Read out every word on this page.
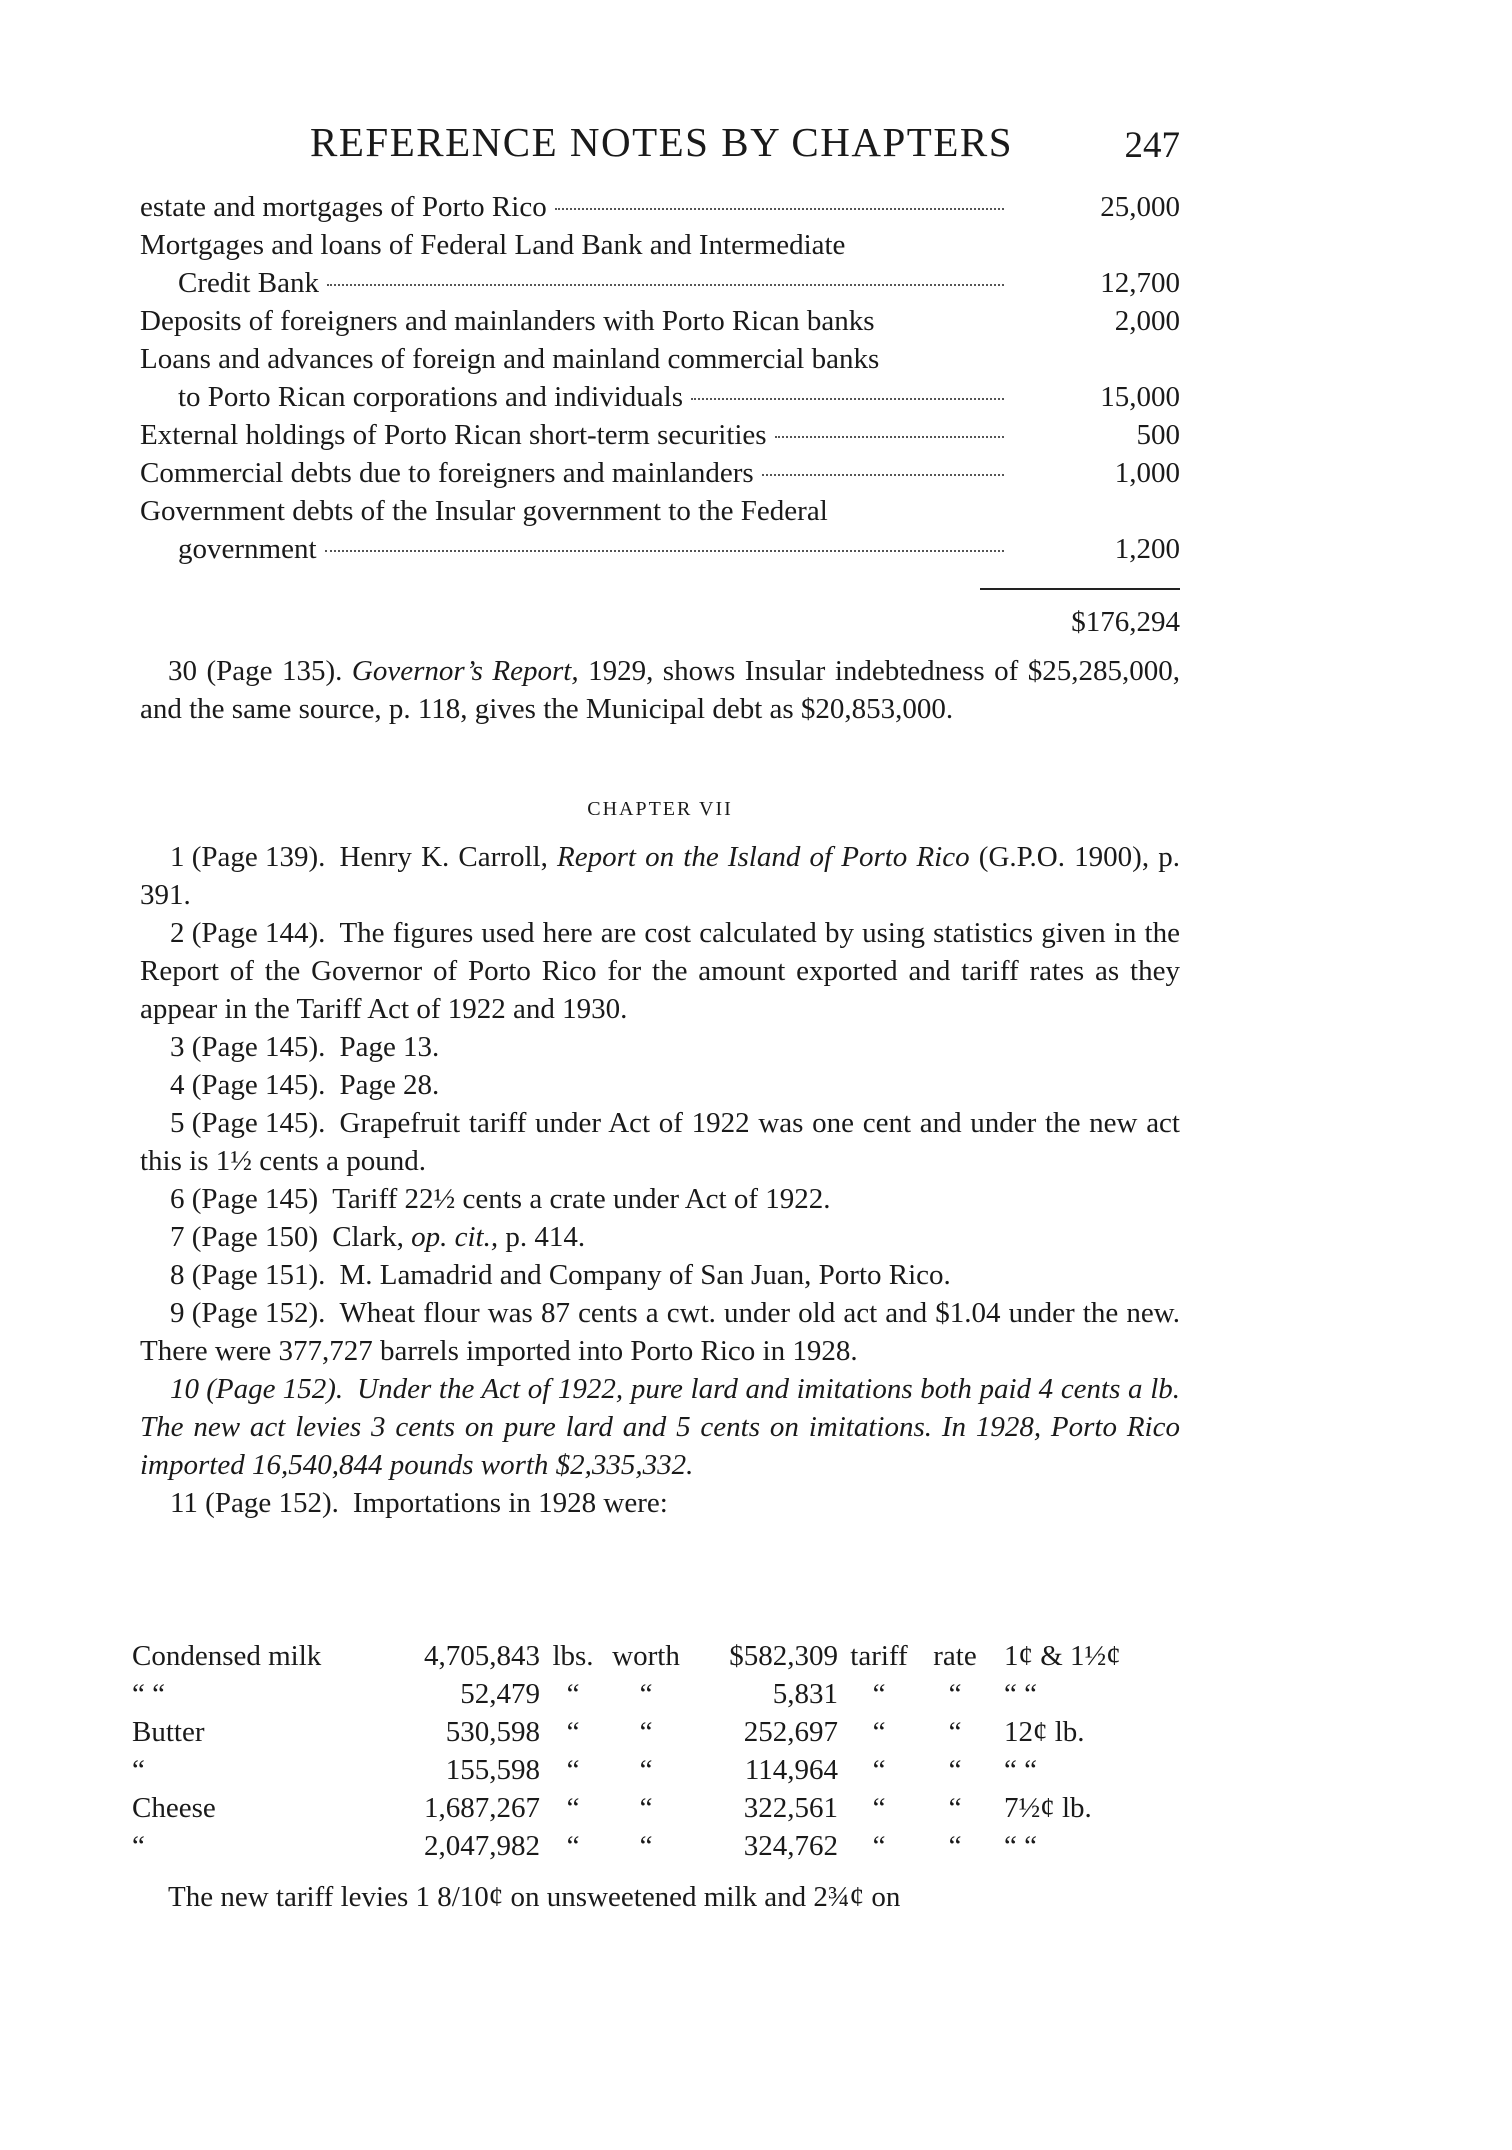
REFERENCE NOTES BY CHAPTERS	247
estate and mortgages of Porto Rico	25,000
Mortgages and loans of Federal Land Bank and Intermediate
Credit Bank	12,700
Deposits of foreigners and mainlanders with Porto Rican banks	2,000
Loans and advances of foreign and mainland commercial banks
to Porto Rican corporations and individuals	15,000
External holdings of Porto Rican short-term securities	500
Commercial debts due to foreigners and mainlanders	1,000
Government debts of the Insular government to the Federal
government	1,200
$176,294

30 (Page 135). Governor’s Report, 1929, shows Insular indebtedness of $25,285,000, and the same source, p. 118, gives the Municipal debt as $20,853,000.

CHAPTER VII

1 (Page 139). Henry K. Carroll, Report on the Island of Porto Rico (G.P.O. 1900), p. 391.

2 (Page 144). The figures used here are cost calculated by using statistics given in the Report of the Governor of Porto Rico for the amount exported and tariff rates as they appear in the Tariff Act of 1922 and 1930.

3 (Page 145). Page 13.

4 (Page 145). Page 28.

5 (Page 145). Grapefruit tariff under Act of 1922 was one cent and under the new act this is 1½ cents a pound.

6 (Page 145) Tariff 22½ cents a crate under Act of 1922.

7 (Page 150) Clark, op. cit., p. 414.

8 (Page 151). M. Lamadrid and Company of San Juan, Porto Rico.

9 (Page 152). Wheat flour was 87 cents a cwt. under old act and $1.04 under the new. There were 377,727 barrels imported into Porto Rico in 1928.

10 (Page 152). Under the Act of 1922, pure lard and imitations both paid 4 cents a lb. The new act levies 3 cents on pure lard and 5 cents on imitations. In 1928, Porto Rico imported 16,540,844 pounds worth $2,335,332.

11 (Page 152). Importations in 1928 were:

Condensed milk	4,705,843	lbs.	worth	$582,309	tariff	rate	1¢ & 1½¢
“ “	52,479	“	“	5,831	“	“	“ “
Butter	530,598	“	“	252,697	“	“	12¢ lb.
“	155,598	“	“	114,964	“	“	“ “
Cheese	1,687,267	“	“	322,561	“	“	7½¢ lb.
“	2,047,982	“	“	324,762	“	“	“ “

The new tariff levies 1 8/10¢ on unsweetened milk and 2¾¢ on
